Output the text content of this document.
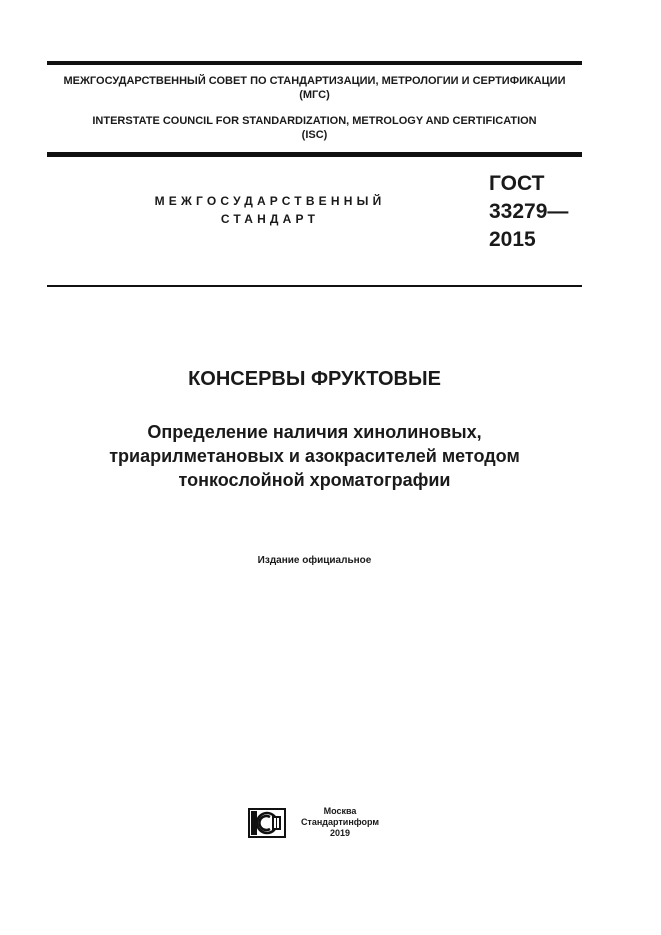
МЕЖГОСУДАРСТВЕННЫЙ СОВЕТ ПО СТАНДАРТИЗАЦИИ, МЕТРОЛОГИИ И СЕРТИФИКАЦИИ
(МГС)
INTERSTATE COUNCIL FOR STANDARDIZATION, METROLOGY AND CERTIFICATION
(ISC)
МЕЖГОСУДАРСТВЕННЫЙ
СТАНДАРТ
ГОСТ
33279—
2015
КОНСЕРВЫ ФРУКТОВЫЕ
Определение наличия хинолиновых,
триарилметановых и азокрасителей методом
тонкослойной хроматографии
Издание официальное
Москва
Стандартинформ
2019
